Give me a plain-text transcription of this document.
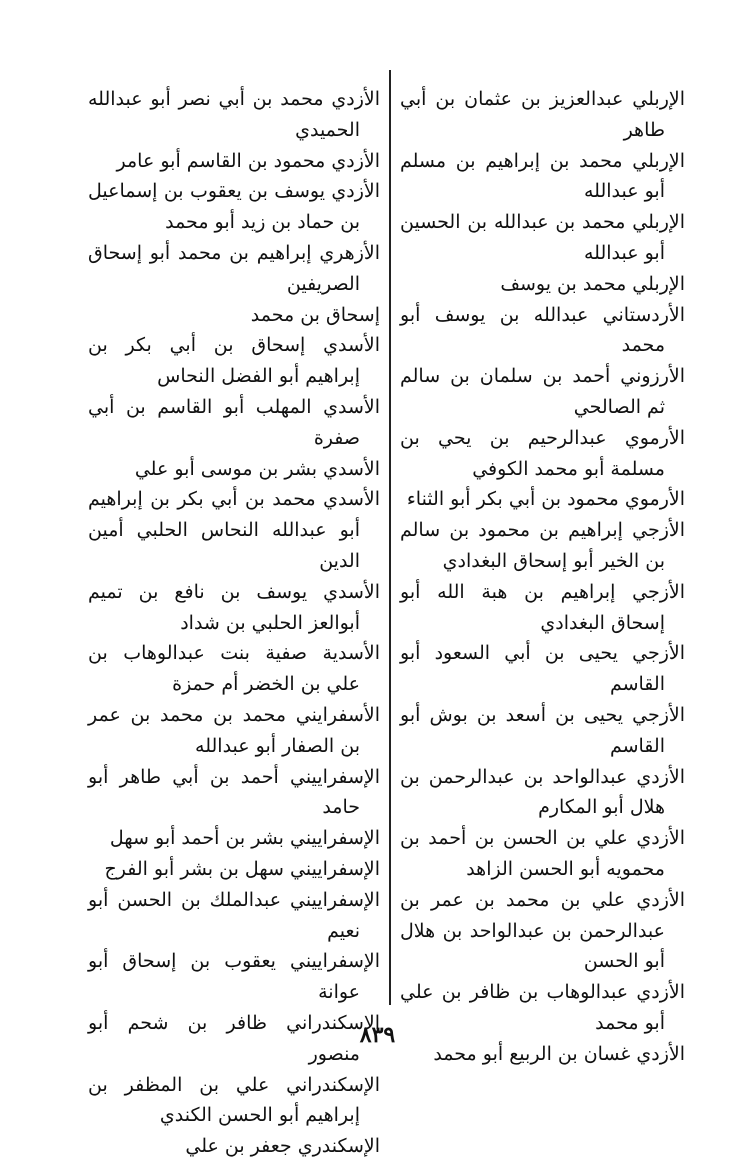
الإربلي عبدالعزيز بن عثمان بن أبي طاهر

الإربلي محمد بن إبراهيم بن مسلم أبو عبدالله

الإربلي محمد بن عبدالله بن الحسين أبو عبدالله

الإربلي محمد بن يوسف

الأردستاني عبدالله بن يوسف أبو محمد

الأرزوني أحمد بن سلمان بن سالم ثم الصالحي

الأرموي عبدالرحيم بن يحي بن مسلمة أبو محمد الكوفي

الأرموي محمود بن أبي بكر أبو الثناء

الأزجي إبراهيم بن محمود بن سالم بن الخير أبو إسحاق البغدادي

الأزجي إبراهيم بن هبة الله أبو إسحاق البغدادي

الأزجي يحيى بن أبي السعود أبو القاسم

الأزجي يحيى بن أسعد بن بوش أبو القاسم

الأزدي عبدالواحد بن عبدالرحمن بن هلال أبو المكارم

الأزدي علي بن الحسن بن أحمد بن محمويه أبو الحسن الزاهد

الأزدي علي بن محمد بن عمر بن عبدالرحمن بن عبدالواحد بن هلال أبو الحسن

الأزدي عبدالوهاب بن ظافر بن علي أبو محمد

الأزدي غسان بن الربيع أبو محمد

الأزدي محمد بن أبي نصر أبو عبدالله الحميدي

الأزدي محمود بن القاسم أبو عامر

الأزدي يوسف بن يعقوب بن إسماعيل بن حماد بن زيد أبو محمد

الأزهري إبراهيم بن محمد أبو إسحاق الصريفين

إسحاق بن محمد

الأسدي إسحاق بن أبي بكر بن إبراهيم أبو الفضل النحاس

الأسدي المهلب أبو القاسم بن أبي صفرة

الأسدي بشر بن موسى أبو علي

الأسدي محمد بن أبي بكر بن إبراهيم أبو عبدالله النحاس الحلبي أمين الدين

الأسدي يوسف بن نافع بن تميم أبوالعز الحلبي بن شداد

الأسدية صفية بنت عبدالوهاب بن علي بن الخضر أم حمزة

الأسفرايني محمد بن محمد بن عمر بن الصفار أبو عبدالله

الإسفراييني أحمد بن أبي طاهر أبو حامد

الإسفراييني بشر بن أحمد أبو سهل

الإسفراييني سهل بن بشر أبو الفرج

الإسفراييني عبدالملك بن الحسن أبو نعيم

الإسفراييني يعقوب بن إسحاق أبو عوانة

الإسكندراني ظافر بن شحم أبو منصور

الإسكندراني علي بن المظفر بن إبراهيم أبو الحسن الكندي

الإسكندري جعفر بن علي

٨٣٩
